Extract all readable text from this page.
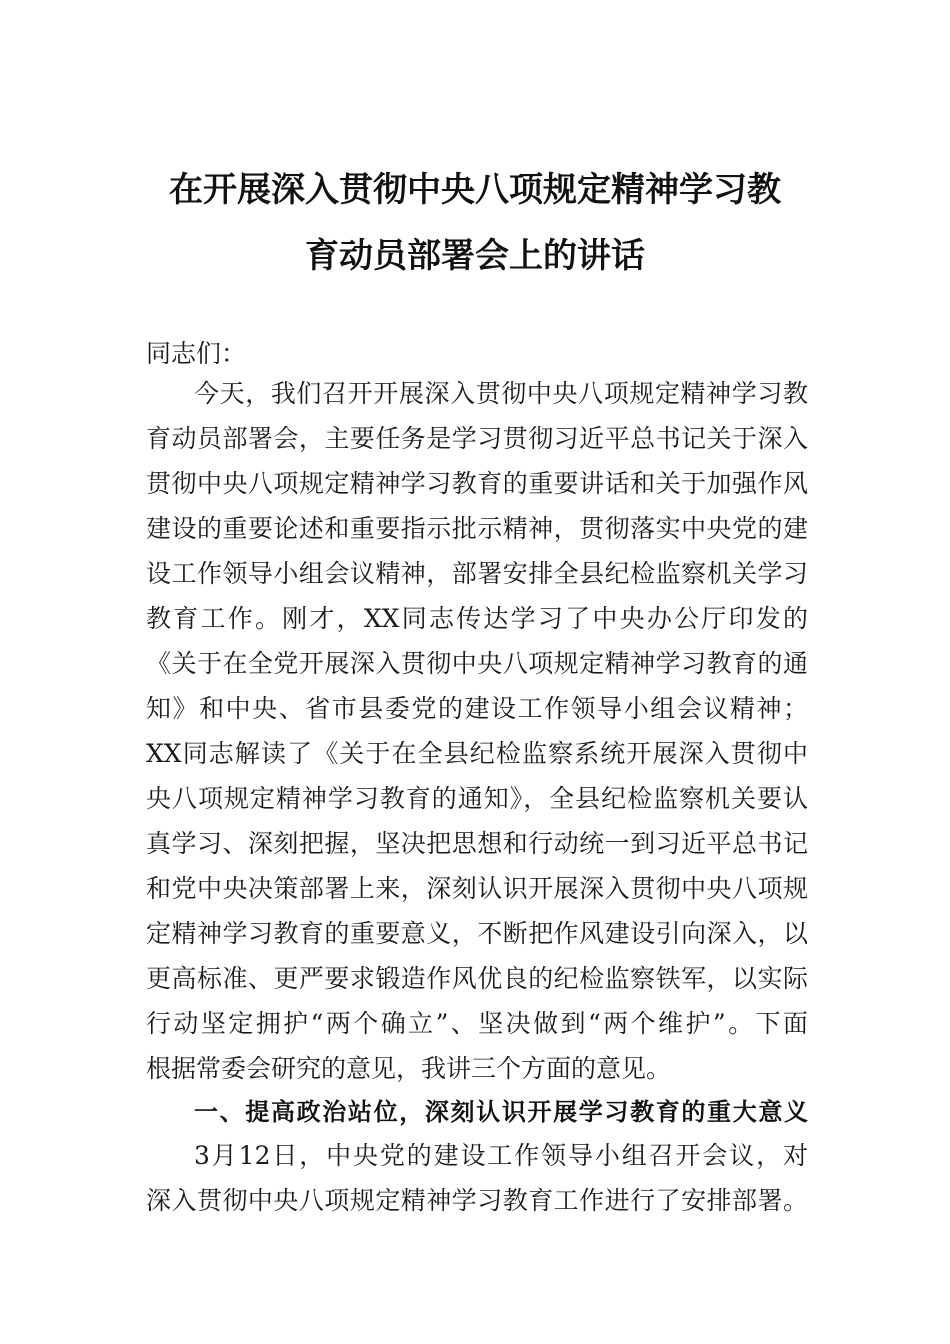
在开展深入贯彻中央八项规定精神学习教
育动员部署会上的讲话
同志们：
今天，我们召开开展深入贯彻中央八项规定精神学习教
育动员部署会，主要任务是学习贯彻习近平总书记关于深入
贯彻中央八项规定精神学习教育的重要讲话和关于加强作风
建设的重要论述和重要指示批示精神，贯彻落实中央党的建
设工作领导小组会议精神，部署安排全县纪检监察机关学习
教育工作。刚才，XX同志传达学习了中央办公厅印发的
《关于在全党开展深入贯彻中央八项规定精神学习教育的通
知》和中央、省市县委党的建设工作领导小组会议精神；
XX同志解读了《关于在全县纪检监察系统开展深入贯彻中
央八项规定精神学习教育的通知》，全县纪检监察机关要认
真学习、深刻把握，坚决把思想和行动统一到习近平总书记
和党中央决策部署上来，深刻认识开展深入贯彻中央八项规
定精神学习教育的重要意义，不断把作风建设引向深入，以
更高标准、更严要求锻造作风优良的纪检监察铁军，以实际
行动坚定拥护“两个确立”、坚决做到“两个维护”。下面
根据常委会研究的意见，我讲三个方面的意见。
一、提高政治站位，深刻认识开展学习教育的重大意义
3月12日，中央党的建设工作领导小组召开会议，对
深入贯彻中央八项规定精神学习教育工作进行了安排部署。
